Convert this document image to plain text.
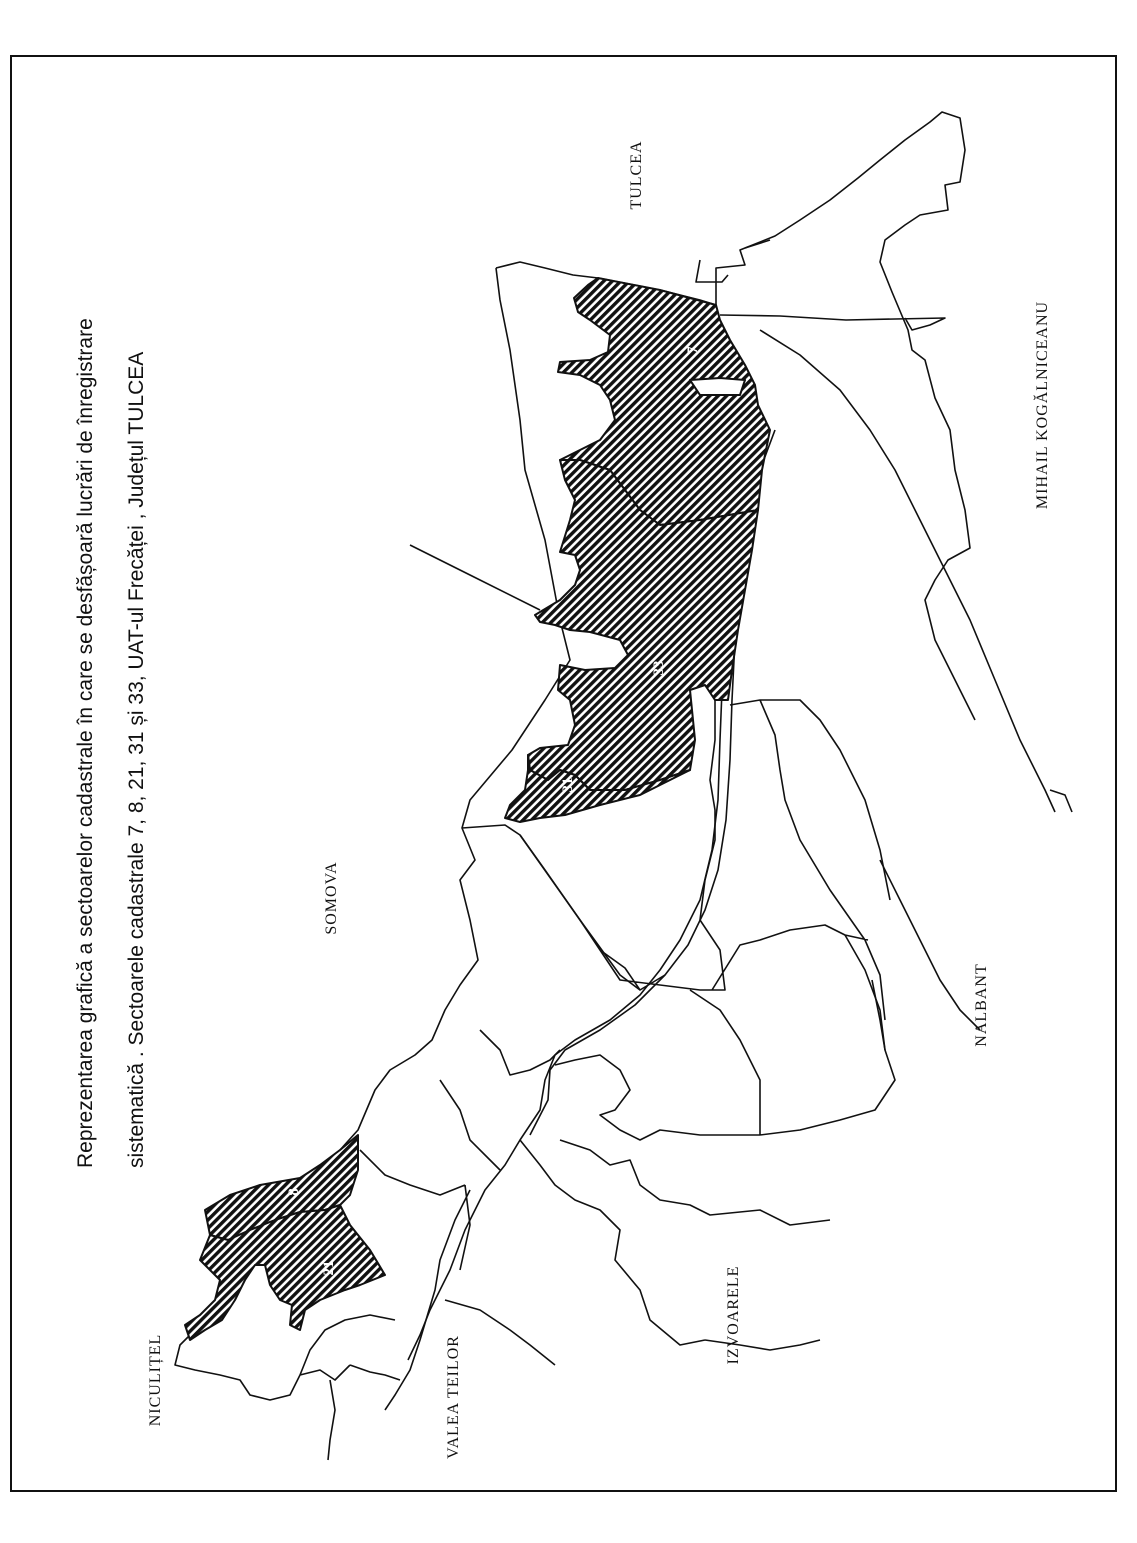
Reprezentarea grafică a sectoarelor cadastrale în care se desfășoară lucrări de înregistrare sistematică . Sectoarele cadastrale 7, 8, 21, 31 și 33, UAT-ul Frecăței , Județul TULCEA
7
8
21
31
33
TULCEA
SOMOVA
MIHAIL KOGĂLNICEANU
NALBANT
IZVOARELE
VALEA TEILOR
NICULIȚEL
